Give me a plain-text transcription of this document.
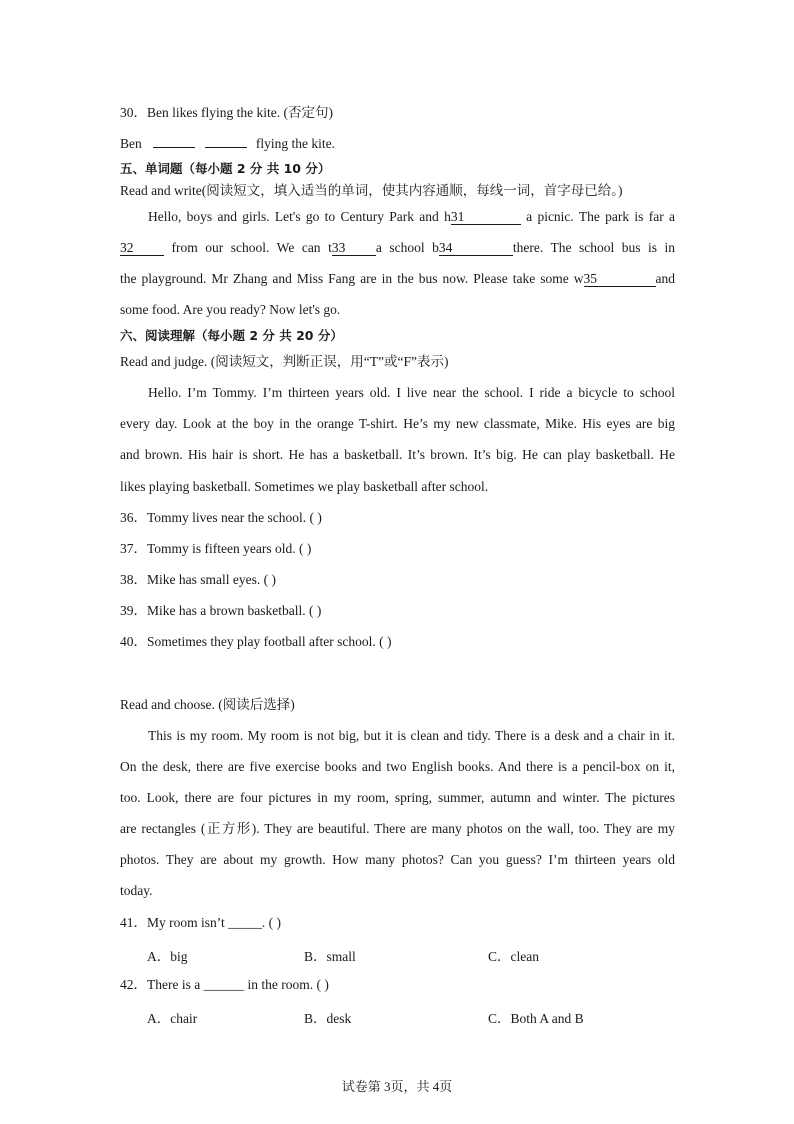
30．Ben likes flying the kite. (否定句)
Ben	flying the kite.
五、单词题（每小题 2 分 共 10 分）
Read and write(阅读短文，填入适当的单词，使其内容通顺，每线一词，首字母已给。)
Hello, boys and girls. Let's go to Century Park and h31	a picnic. The park is far a
32	from our school. We can t33 a school b34	there. The school bus is in
the playground. Mr Zhang and Miss Fang are in the bus now. Please take some w35	and
some food. Are you ready? Now let's go.
六、阅读理解（每小题 2 分 共 20 分）
Read and judge. (阅读短文，判断正误，用“T”或“F”表示)
Hello. I’m Tommy. I’m thirteen years old. I live near the school. I ride a bicycle to school
every day. Look at the boy in the orange T-shirt. He’s my new classmate, Mike. His eyes are big
and brown. His hair is short. He has a basketball. It’s brown. It’s big. He can play basketball. He
likes playing basketball. Sometimes we play basketball after school.
36．Tommy lives near the school. ( )
37．Tommy is fifteen years old. ( )
38．Mike has small eyes. ( )
39．Mike has a brown basketball. ( )
40．Sometimes they play football after school. ( )
Read and choose. (阅读后选择)
This is my room. My room is not big, but it is clean and tidy. There is a desk and a chair in it.
On the desk, there are five exercise books and two English books. And there is a pencil-box on it,
too. Look, there are four pictures in my room, spring, summer, autumn and winter. The pictures
are rectangles (正方形). They are beautiful. There are many photos on the wall, too. They are my
photos. They are about my growth. How many photos? Can you guess? I’m thirteen years old
today.
41．My room isn’t _____. ( )
A．big	B．small	C．clean
42．There is a ______ in the room. ( )
A．chair	B．desk	C．Both A and B
试卷第 3页，共 4页
